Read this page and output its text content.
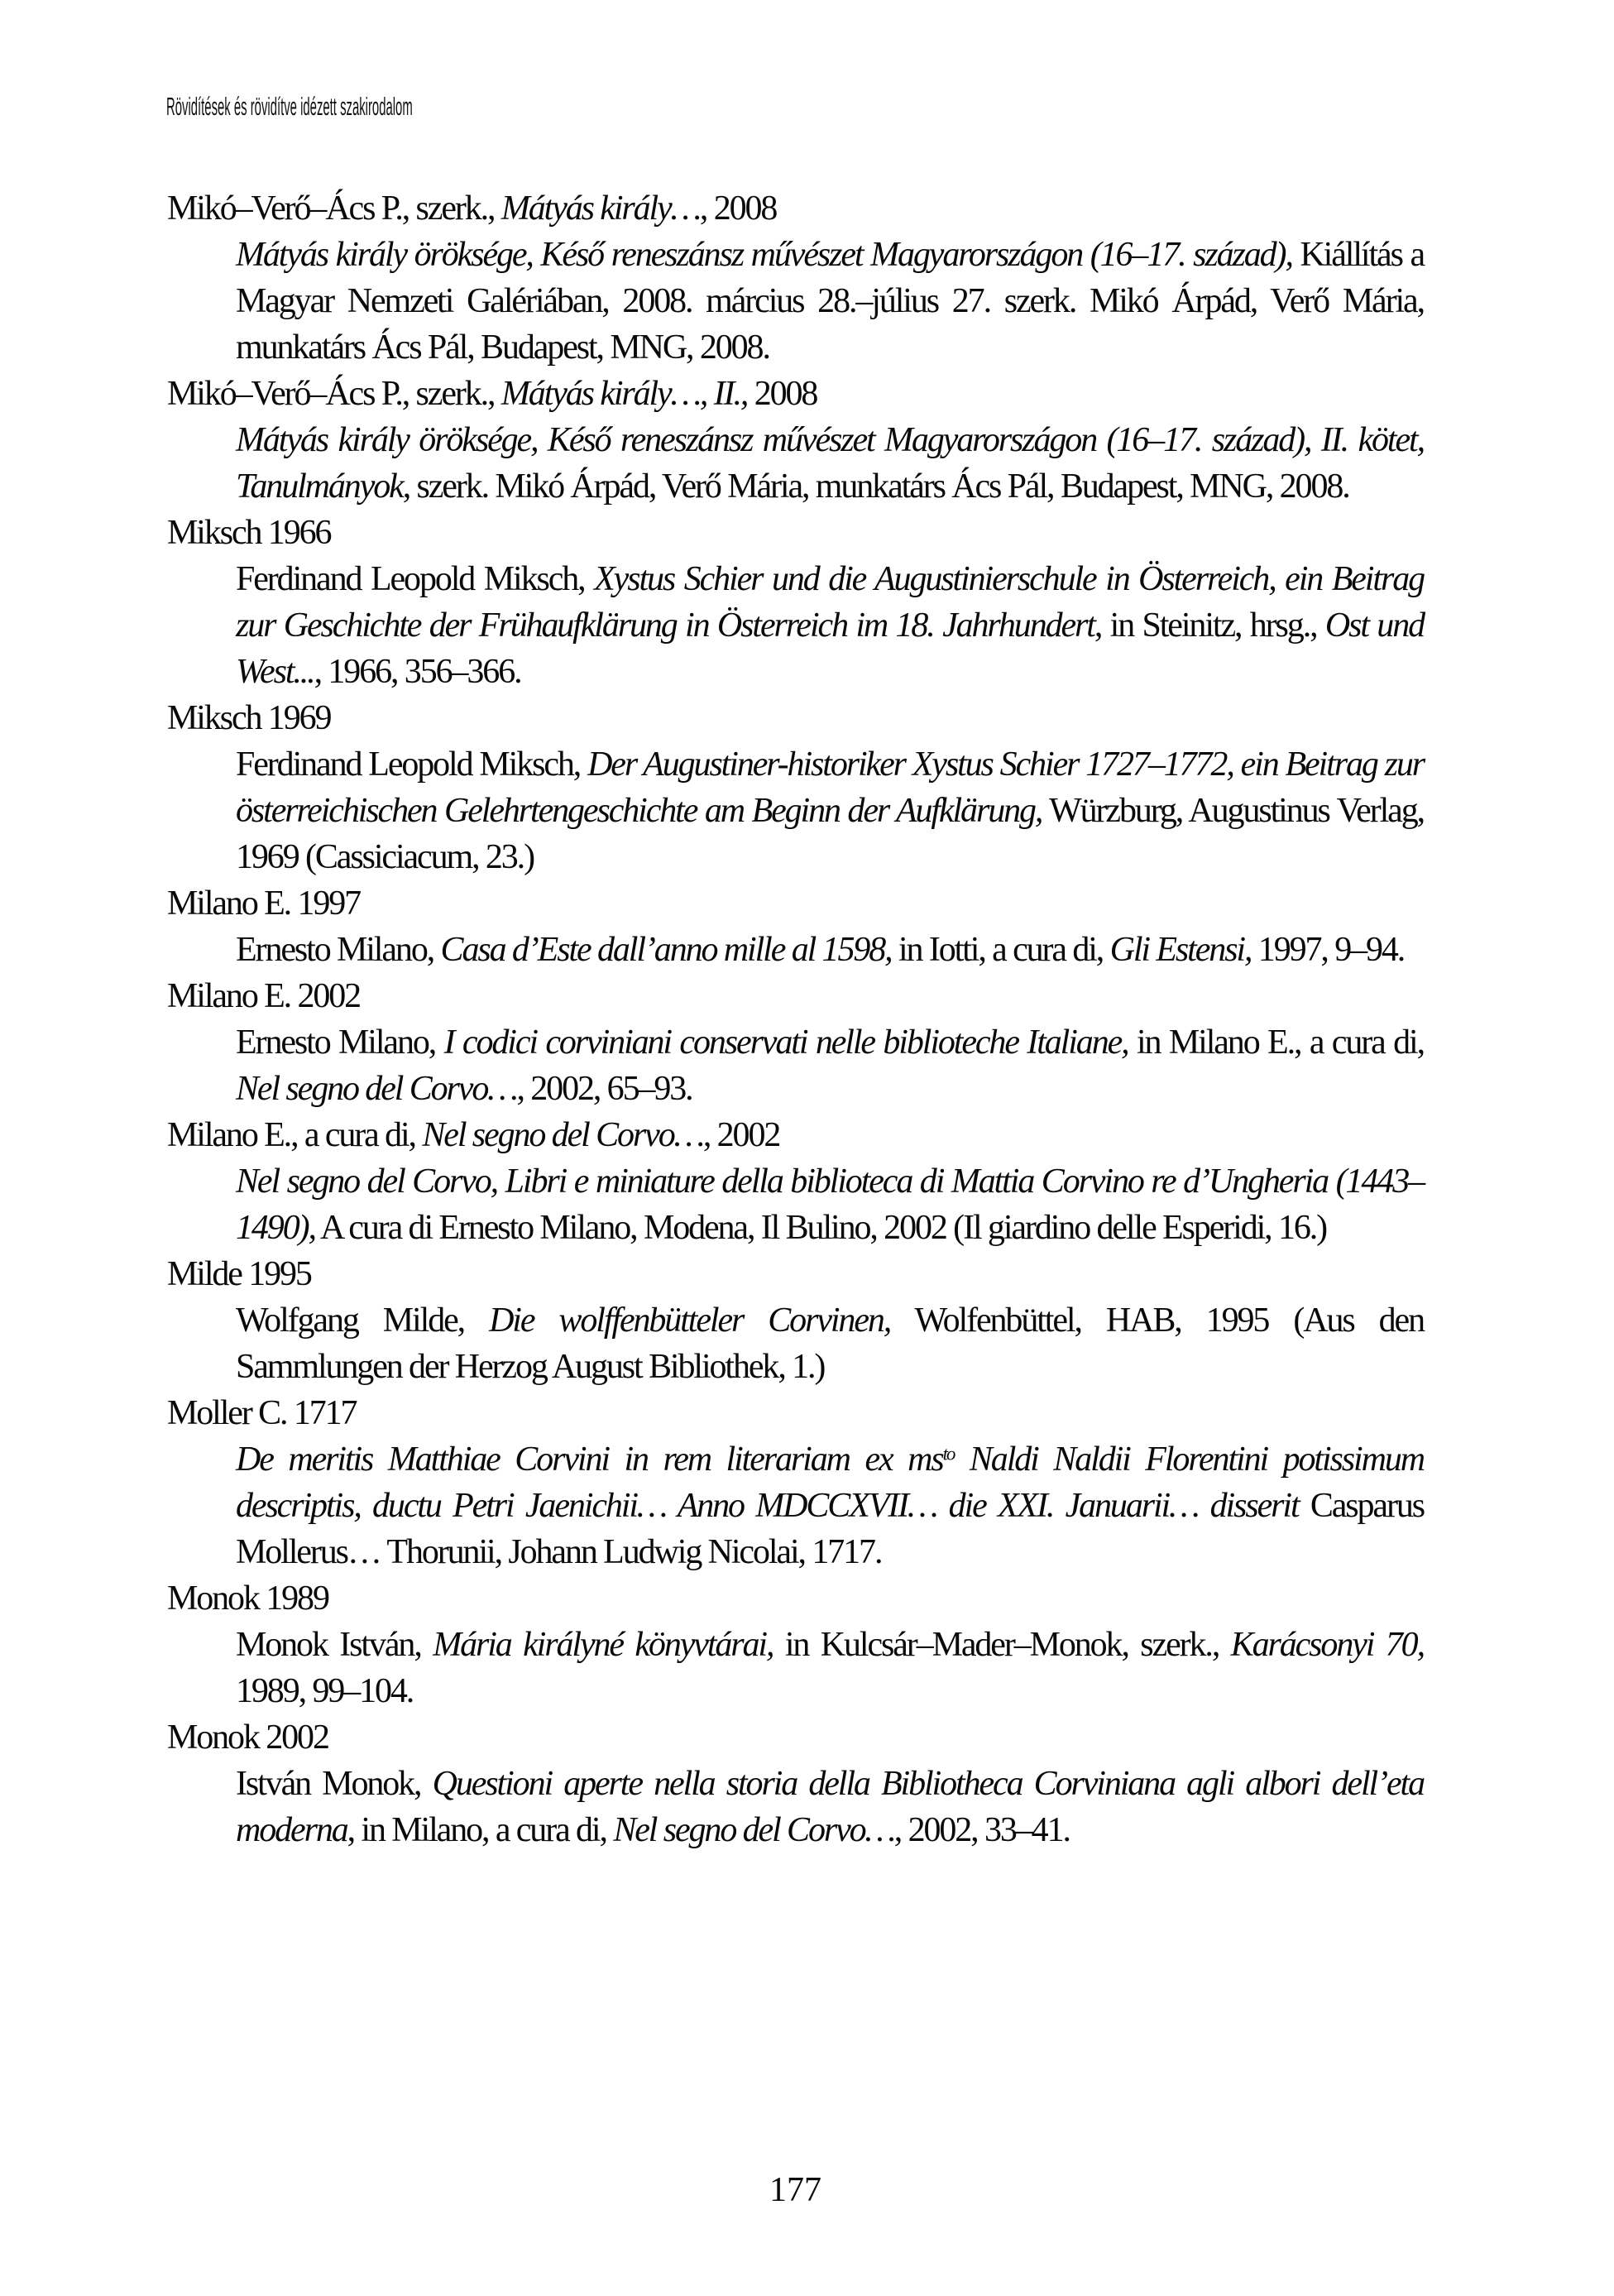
Rövidítések és rövidítve idézett szakirodalom
Mikó–Verő–Ács P., szerk., Mátyás király…, 2008
Mátyás király öröksége, Késő reneszánsz művészet Magyarországon (16–17. század), Kiállítás a Magyar Nemzeti Galériában, 2008. március 28.–július 27. szerk. Mikó Árpád, Verő Mária, munkatárs Ács Pál, Budapest, MNG, 2008.
Mikó–Verő–Ács P., szerk., Mátyás király…, II., 2008
Mátyás király öröksége, Késő reneszánsz művészet Magyarországon (16–17. század), II. kötet, Tanulmányok, szerk. Mikó Árpád, Verő Mária, munkatárs Ács Pál, Budapest, MNG, 2008.
Miksch 1966
Ferdinand Leopold Miksch, Xystus Schier und die Augustinierschule in Österreich, ein Beitrag zur Geschichte der Frühaufklärung in Österreich im 18. Jahrhundert, in Steinitz, hrsg., Ost und West..., 1966, 356–366.
Miksch 1969
Ferdinand Leopold Miksch, Der Augustiner-historiker Xystus Schier 1727–1772, ein Beitrag zur österreichischen Gelehrtengeschichte am Beginn der Aufklärung, Würzburg, Augustinus Verlag, 1969 (Cassiciacum, 23.)
Milano E. 1997
Ernesto Milano, Casa d’Este dall’anno mille al 1598, in Iotti, a cura di, Gli Estensi, 1997, 9–94.
Milano E. 2002
Ernesto Milano, I codici corviniani conservati nelle biblioteche Italiane, in Milano E., a cura di, Nel segno del Corvo…, 2002, 65–93.
Milano E., a cura di, Nel segno del Corvo…, 2002
Nel segno del Corvo, Libri e miniature della biblioteca di Mattia Corvino re d’Ungheria (1443–1490), A cura di Ernesto Milano, Modena, Il Bulino, 2002 (Il giardino delle Esperidi, 16.)
Milde 1995
Wolfgang Milde, Die wolffenbütteler Corvinen, Wolfenbüttel, HAB, 1995 (Aus den Sammlungen der Herzog August Bibliothek, 1.)
Moller C. 1717
De meritis Matthiae Corvini in rem literariam ex $ms^{to}$ Naldi Naldii Florentini potissimum descriptis, ductu Petri Jaenichii… Anno MDCCXVII… die XXI. Januarii… disserit Casparus Mollerus… Thorunii, Johann Ludwig Nicolai, 1717.
Monok 1989
Monok István, Mária királyné könyvtárai, in Kulcsár–Mader–Monok, szerk., Karácsonyi 70, 1989, 99–104.
Monok 2002
István Monok, Questioni aperte nella storia della Bibliotheca Corviniana agli albori dell’eta moderna, in Milano, a cura di, Nel segno del Corvo…, 2002, 33–41.
177
